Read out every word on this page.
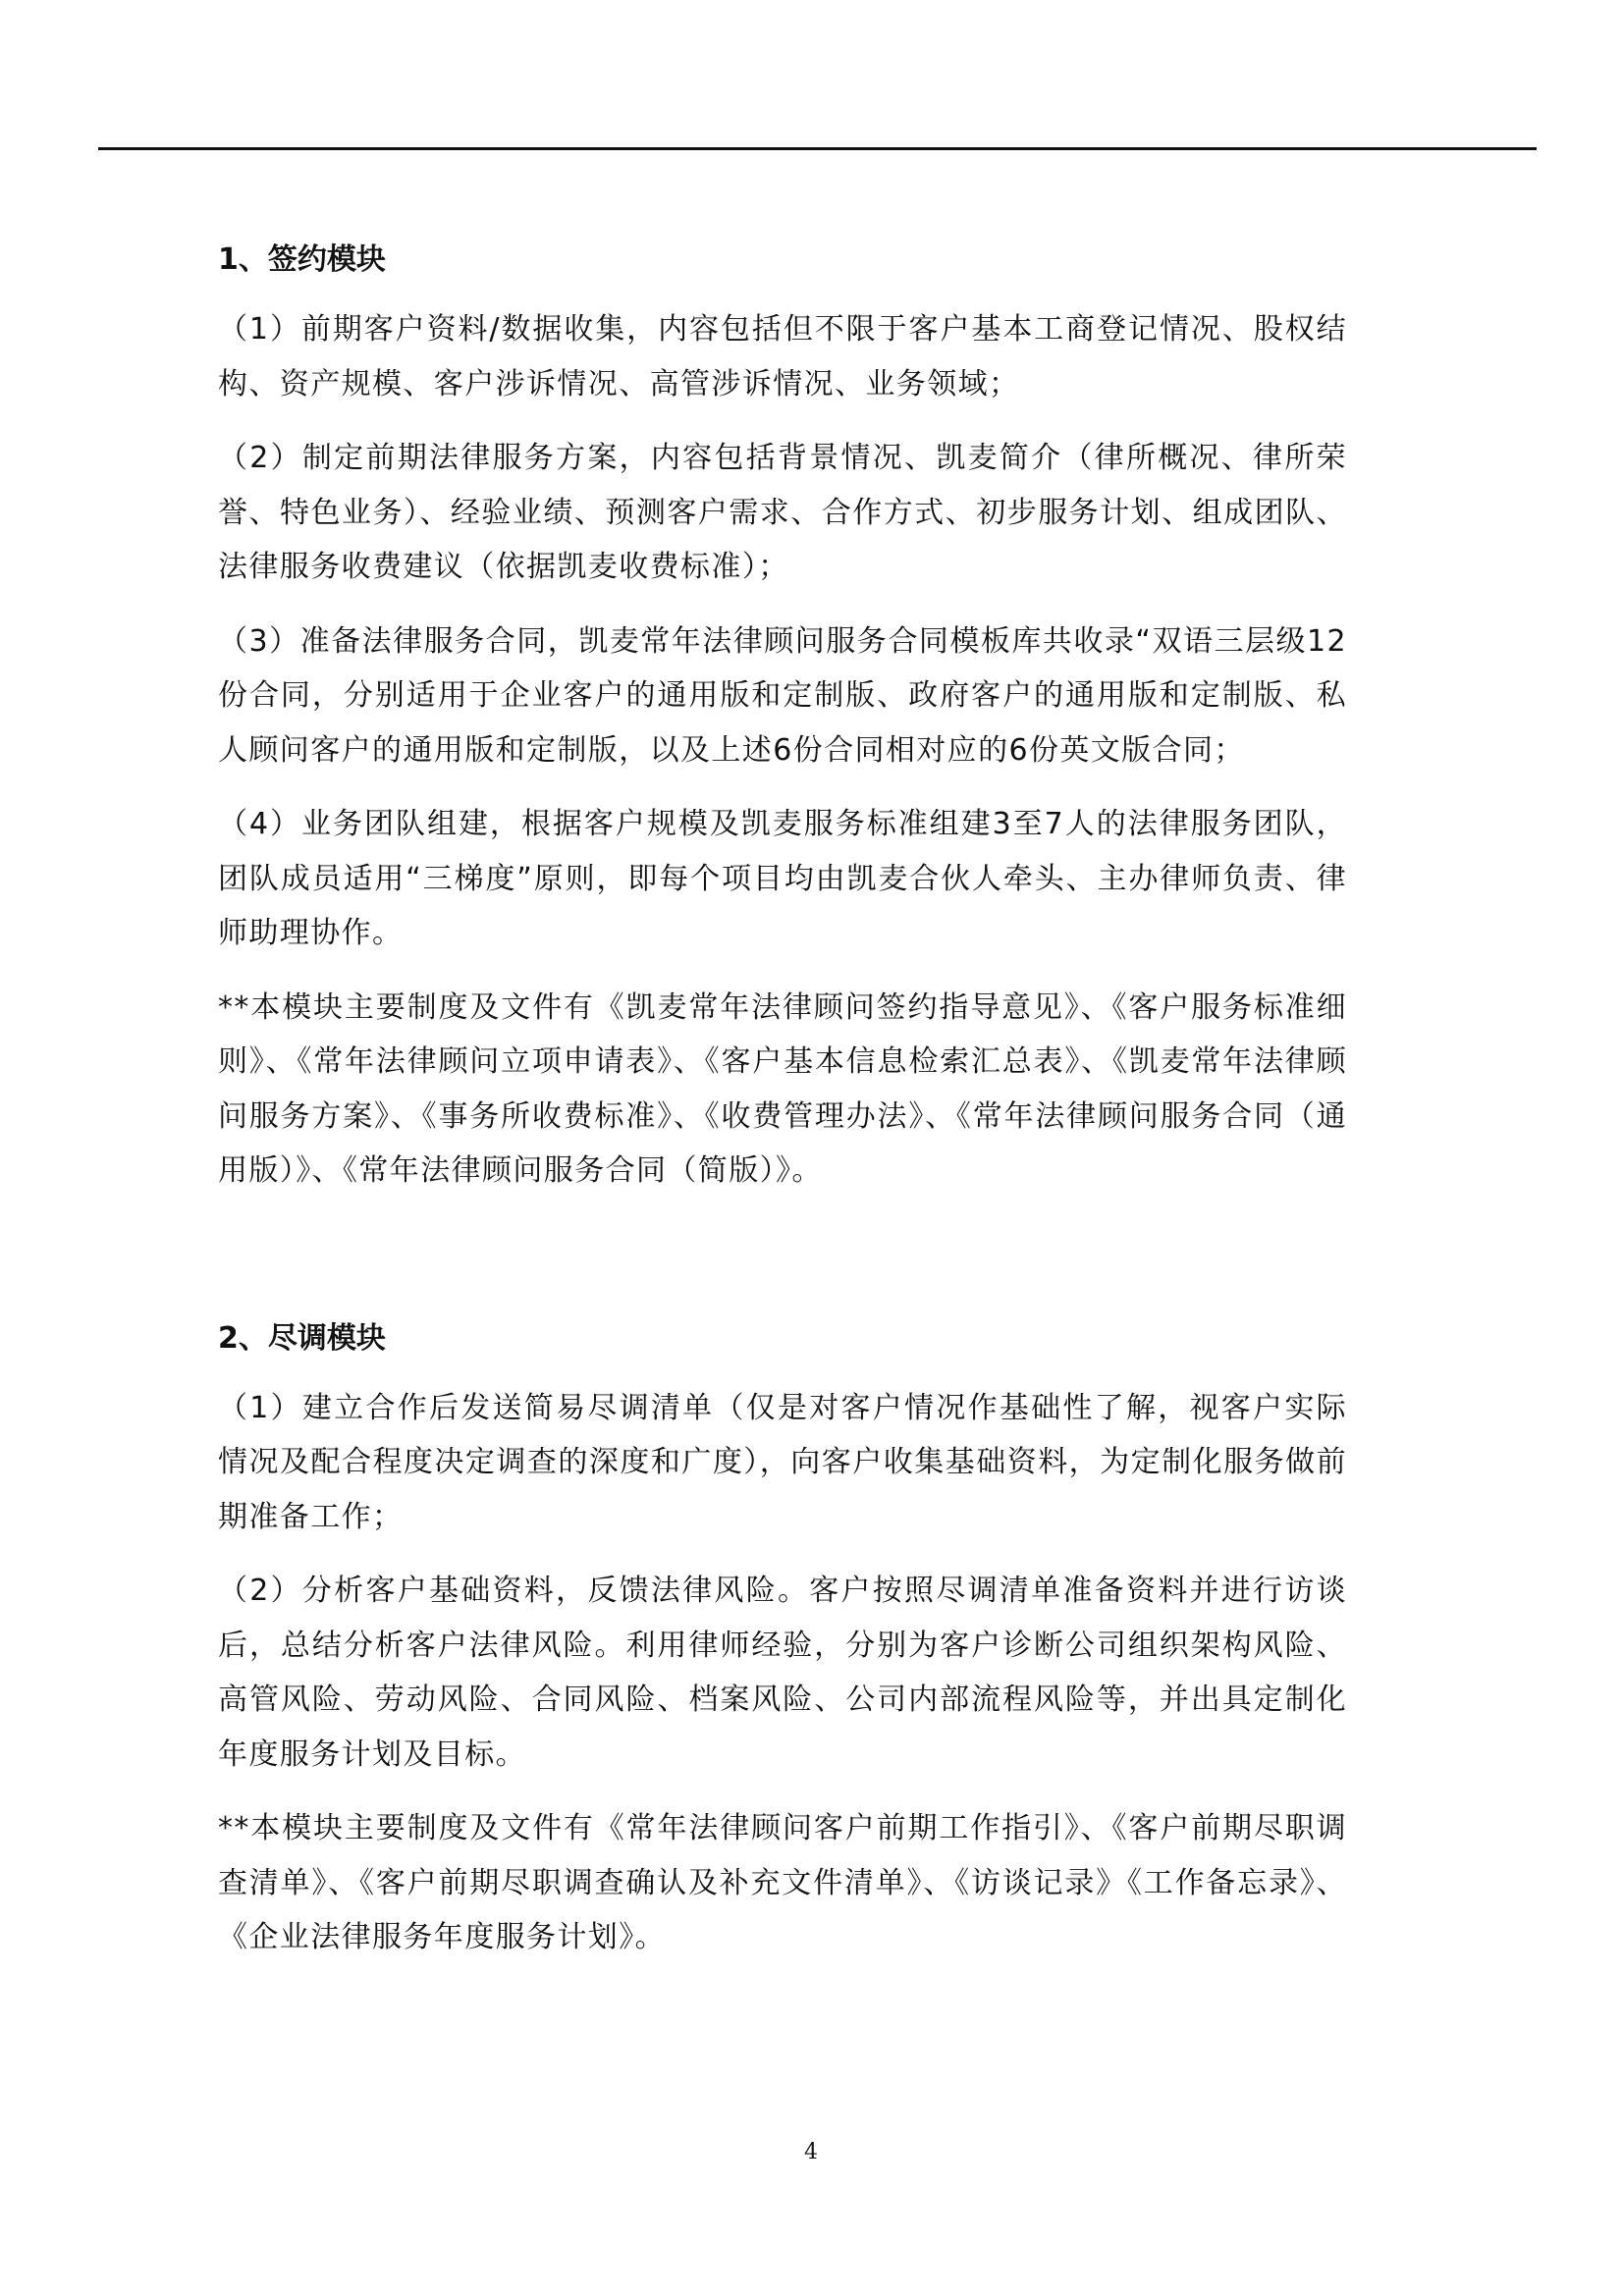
1、签约模块

（1）前期客户资料/数据收集，内容包括但不限于客户基本工商登记情况、股权结构、资产规模、客户涉诉情况、高管涉诉情况、业务领域；

（2）制定前期法律服务方案，内容包括背景情况、凯麦简介（律所概况、律所荣誉、特色业务）、经验业绩、预测客户需求、合作方式、初步服务计划、组成团队、法律服务收费建议（依据凯麦收费标准）；

（3）准备法律服务合同，凯麦常年法律顾问服务合同模板库共收录“双语三层级12份合同，分别适用于企业客户的通用版和定制版、政府客户的通用版和定制版、私人顾问客户的通用版和定制版，以及上述6份合同相对应的6份英文版合同；

（4）业务团队组建，根据客户规模及凯麦服务标准组建3至7人的法律服务团队，团队成员适用“三梯度”原则，即每个项目均由凯麦合伙人牵头、主办律师负责、律师助理协作。

**本模块主要制度及文件有《凯麦常年法律顾问签约指导意见》、《客户服务标准细则》、《常年法律顾问立项申请表》、《客户基本信息检索汇总表》、《凯麦常年法律顾问服务方案》、《事务所收费标准》、《收费管理办法》、《常年法律顾问服务合同（通用版）》、《常年法律顾问服务合同（简版）》。

2、尽调模块

（1）建立合作后发送简易尽调清单（仅是对客户情况作基础性了解，视客户实际情况及配合程度决定调查的深度和广度），向客户收集基础资料，为定制化服务做前期准备工作；

（2）分析客户基础资料，反馈法律风险。客户按照尽调清单准备资料并进行访谈后，总结分析客户法律风险。利用律师经验，分别为客户诊断公司组织架构风险、高管风险、劳动风险、合同风险、档案风险、公司内部流程风险等，并出具定制化年度服务计划及目标。

**本模块主要制度及文件有《常年法律顾问客户前期工作指引》、《客户前期尽职调查清单》、《客户前期尽职调查确认及补充文件清单》、《访谈记录》《工作备忘录》、《企业法律服务年度服务计划》。

4
